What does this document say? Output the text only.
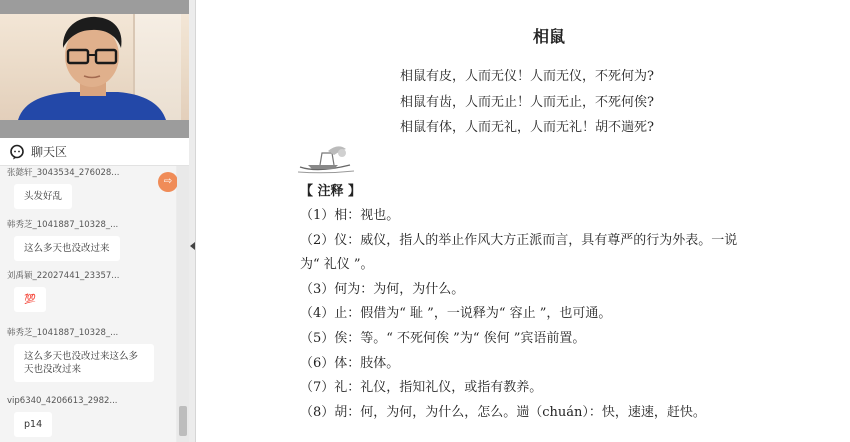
聊天区
张懿轩_3043534_276028...
头发好乱
韩秀芝_1041887_10328_...
这么多天也没改过来
刘禹颖_22027441_23357...
💯
韩秀芝_1041887_10328_...
这么多天也没改过来这么多天也没改过来
vip6340_4206613_2982...
p14
⇨
相鼠
相鼠有皮，人而无仪！人而无仪，不死何为?
相鼠有齿，人而无止！人而无止，不死何俟?
相鼠有体，人而无礼，人而无礼！胡不遄死?
【 注释 】
（1）相：视也。
（2）仪：威仪，指人的举止作风大方正派而言，具有尊严的行为外表。一说
为“ 礼仪 ”。
（3）何为：为何，为什么。
（4）止：假借为“ 耻 ”，一说释为“ 容止 ”，也可通。
（5）俟：等。“ 不死何俟 ”为“ 俟何 ”宾语前置。
（6）体：肢体。
（7）礼：礼仪，指知礼仪，或指有教养。
（8）胡：何，为何，为什么，怎么。遄（chuán）：快，速速，赶快。
